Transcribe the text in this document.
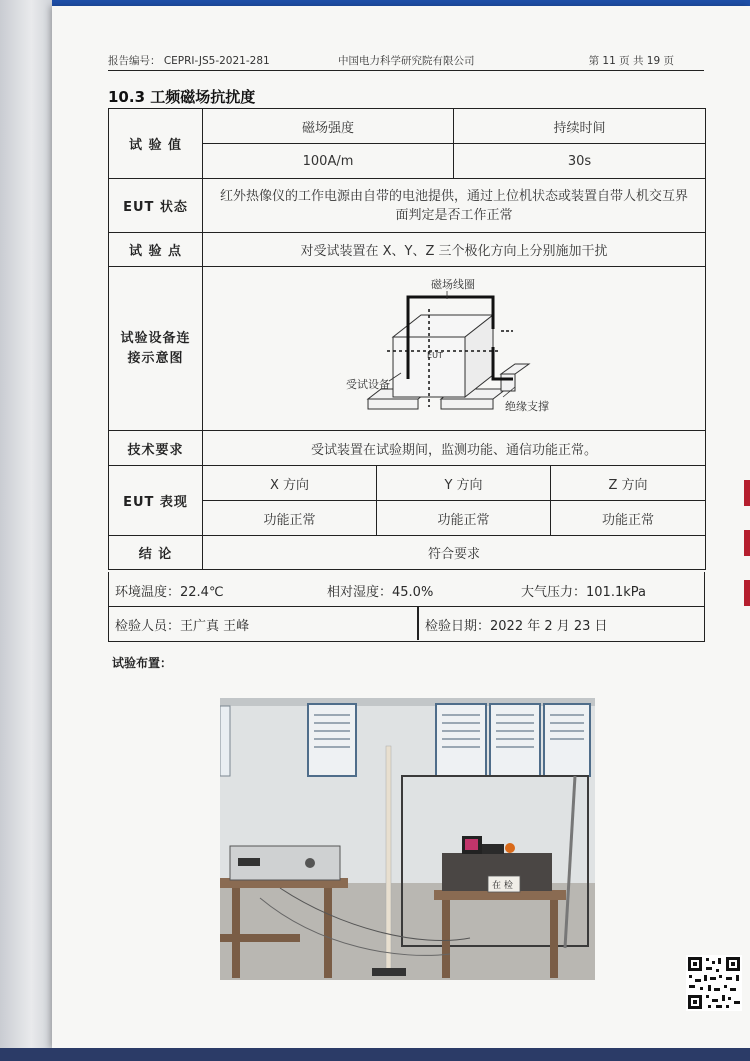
报告编号： CEPRI-JS5-2021-281	中国电力科学研究院有限公司	第 11 页 共 19 页
10.3 工频磁场抗扰度
试 验 值	磁场强度		持续时间	
	100A/m		30s	
EUT 状态	红外热像仪的工作电源由自带的电池提供，通过上位机状态或装置自带人机交互界面判定是否工作正常			
试 验 点	对受试装置在 X、Y、Z 三个极化方向上分别施加干扰			
试验设备连接示意图	磁场线圈
EUT
受试设备
绝缘支撑			

技术要求	受试装置在试验期间，监测功能、通信功能正常。			
EUT 表现	X 方向	Y 方向		Z 方向
	功能正常	功能正常		功能正常
结 论	符合要求			
环境温度：22.4℃	相对湿度：45.0%	大气压力：101.1kPa
检验人员：王广真 王峰	检验日期：2022 年 2 月 23 日
试验布置：
在 检
